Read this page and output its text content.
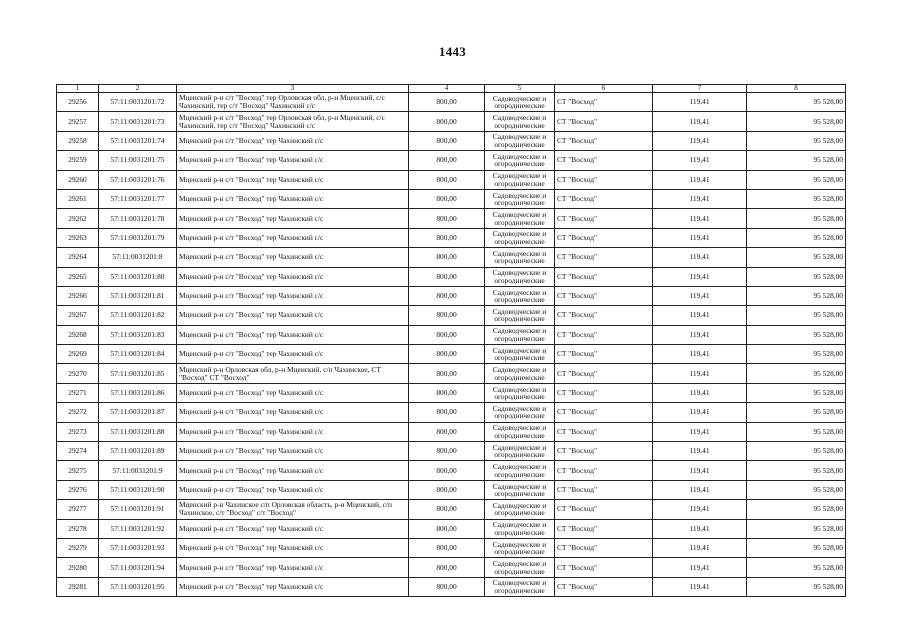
1443
1	2	3	4	5	6	7	8
29256	57:11:0031201:72	Мценский р-н с/т "Восход" тер Орловская обл, р-н Мценский, с/с Чахинский, тер с/т "Восход" Чахинский с/с	800,00	Садоводческие и
огороднические	СТ "Восход"	119,41	95 528,00
29257	57:11:0031201:73	Мценский р-н с/т "Восход" тер Орловская обл, р-н Мценский, с/с Чахинский, тер с/т "Восход" Чахинский с/с	800,00	Садоводческие и
огороднические	СТ "Восход"	119,41	95 528,00
29258	57:11:0031201:74	Мценский р-н с/т "Восход" тер Чахинский с/с	800,00	Садоводческие и
огороднические	СТ "Восход"	119,41	95 528,00
29259	57:11:0031201:75	Мценский р-н с/т "Восход" тер Чахинский с/с	800,00	Садоводческие и
огороднические	СТ "Восход"	119,41	95 528,00
29260	57:11:0031201:76	Мценский р-н с/т "Восход" тер Чахинский с/с	800,00	Садоводческие и
огороднические	СТ "Восход"	119,41	95 528,00
29261	57:11:0031201:77	Мценский р-н с/т "Восход" тер Чахинский с/с	800,00	Садоводческие и
огороднические	СТ "Восход"	119,41	95 528,00
29262	57:11:0031201:78	Мценский р-н с/т "Восход" тер Чахинский с/с	800,00	Садоводческие и
огороднические	СТ "Восход"	119,41	95 528,00
29263	57:11:0031201:79	Мценский р-н с/т "Восход" тер Чахинский с/с	800,00	Садоводческие и
огороднические	СТ "Восход"	119,41	95 528,00
29264	57:11:0031201:8	Мценский р-н с/т "Восход" тер Чахинский с/с	800,00	Садоводческие и
огороднические	СТ "Восход"	119,41	95 528,00
29265	57:11:0031201:80	Мценский р-н с/т "Восход" тер Чахинский с/с	800,00	Садоводческие и
огороднические	СТ "Восход"	119,41	95 528,00
29266	57:11:0031201:81	Мценский р-н с/т "Восход" тер Чахинский с/с	800,00	Садоводческие и
огороднические	СТ "Восход"	119,41	95 528,00
29267	57:11:0031201:82	Мценский р-н с/т "Восход" тер Чахинский с/с	800,00	Садоводческие и
огороднические	СТ "Восход"	119,41	95 528,00
29268	57:11:0031201:83	Мценский р-н с/т "Восход" тер Чахинский с/с	800,00	Садоводческие и
огороднические	СТ "Восход"	119,41	95 528,00
29269	57:11:0031201:84	Мценский р-н с/т "Восход" тер Чахинский с/с	800,00	Садоводческие и
огороднические	СТ "Восход"	119,41	95 528,00
29270	57:11:0031201:85	Мценский р-н Орловская обл, р-н Мценский, с/п Чахинское, СТ "Восход" СТ "Восход"	800,00	Садоводческие и
огороднические	СТ "Восход"	119,41	95 528,00
29271	57:11:0031201:86	Мценский р-н с/т "Восход" тер Чахинский с/с	800,00	Садоводческие и
огороднические	СТ "Восход"	119,41	95 528,00
29272	57:11:0031201:87	Мценский р-н с/т "Восход" тер Чахинский с/с	800,00	Садоводческие и
огороднические	СТ "Восход"	119,41	95 528,00
29273	57:11:0031201:88	Мценский р-н с/т "Восход" тер Чахинский с/с	800,00	Садоводческие и
огороднические	СТ "Восход"	119,41	95 528,00
29274	57:11:0031201:89	Мценский р-н с/т "Восход" тер Чахинский с/с	800,00	Садоводческие и
огороднические	СТ "Восход"	119,41	95 528,00
29275	57:11:0031201:9	Мценский р-н с/т "Восход" тер Чахинский с/с	800,00	Садоводческие и
огороднические	СТ "Восход"	119,41	95 528,00
29276	57:11:0031201:90	Мценский р-н с/т "Восход" тер Чахинский с/с	800,00	Садоводческие и
огороднические	СТ "Восход"	119,41	95 528,00
29277	57:11:0031201:91	Мценский р-н Чахинское с/п Орловская область, р-н Мценский, с/п Чахинское, с/т "Восход" с/т "Восход"	800,00	Садоводческие и
огороднические	СТ "Восход"	119,41	95 528,00
29278	57:11:0031201:92	Мценский р-н с/т "Восход" тер Чахинский с/с	800,00	Садоводческие и
огороднические	СТ "Восход"	119,41	95 528,00
29279	57:11:0031201:93	Мценский р-н с/т "Восход" тер Чахинский с/с	800,00	Садоводческие и
огороднические	СТ "Восход"	119,41	95 528,00
29280	57:11:0031201:94	Мценский р-н с/т "Восход" тер Чахинский с/с	800,00	Садоводческие и
огороднические	СТ "Восход"	119,41	95 528,00
29281	57:11:0031201:95	Мценский р-н с/т "Восход" тер Чахинский с/с	800,00	Садоводческие и
огороднические	СТ "Восход"	119,41	95 528,00
